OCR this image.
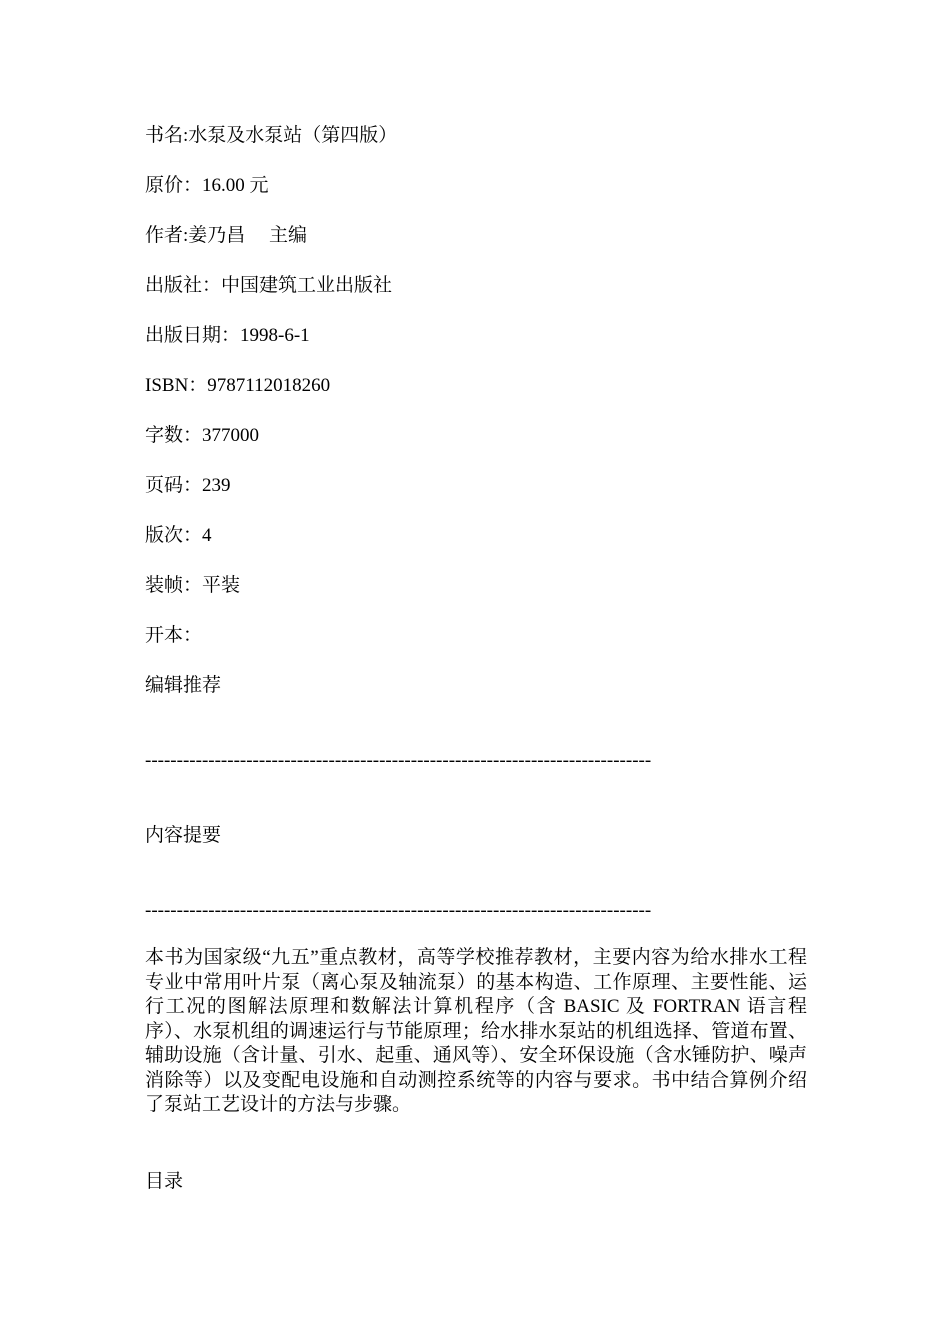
书名:水泵及水泵站（第四版）
原价：16.00 元
作者:姜乃昌　 主编
出版社：中国建筑工业出版社
出版日期：1998-6-1
ISBN：9787112018260
字数：377000
页码：239
版次：4
装帧：平装
开本：
编辑推荐
--------------------------------------------------------------------------------
内容提要
--------------------------------------------------------------------------------
本书为国家级“九五”重点教材，高等学校推荐教材，主要内容为给水排水工程专业中常用叶片泵（离心泵及轴流泵）的基本构造、工作原理、主要性能、运行工况的图解法原理和数解法计算机程序（含 BASIC 及 FORTRAN 语言程序）、水泵机组的调速运行与节能原理；给水排水泵站的机组选择、管道布置、辅助设施（含计量、引水、起重、通风等）、安全环保设施（含水锤防护、噪声消除等）以及变配电设施和自动测控系统等的内容与要求。书中结合算例介绍了泵站工艺设计的方法与步骤。
目录
